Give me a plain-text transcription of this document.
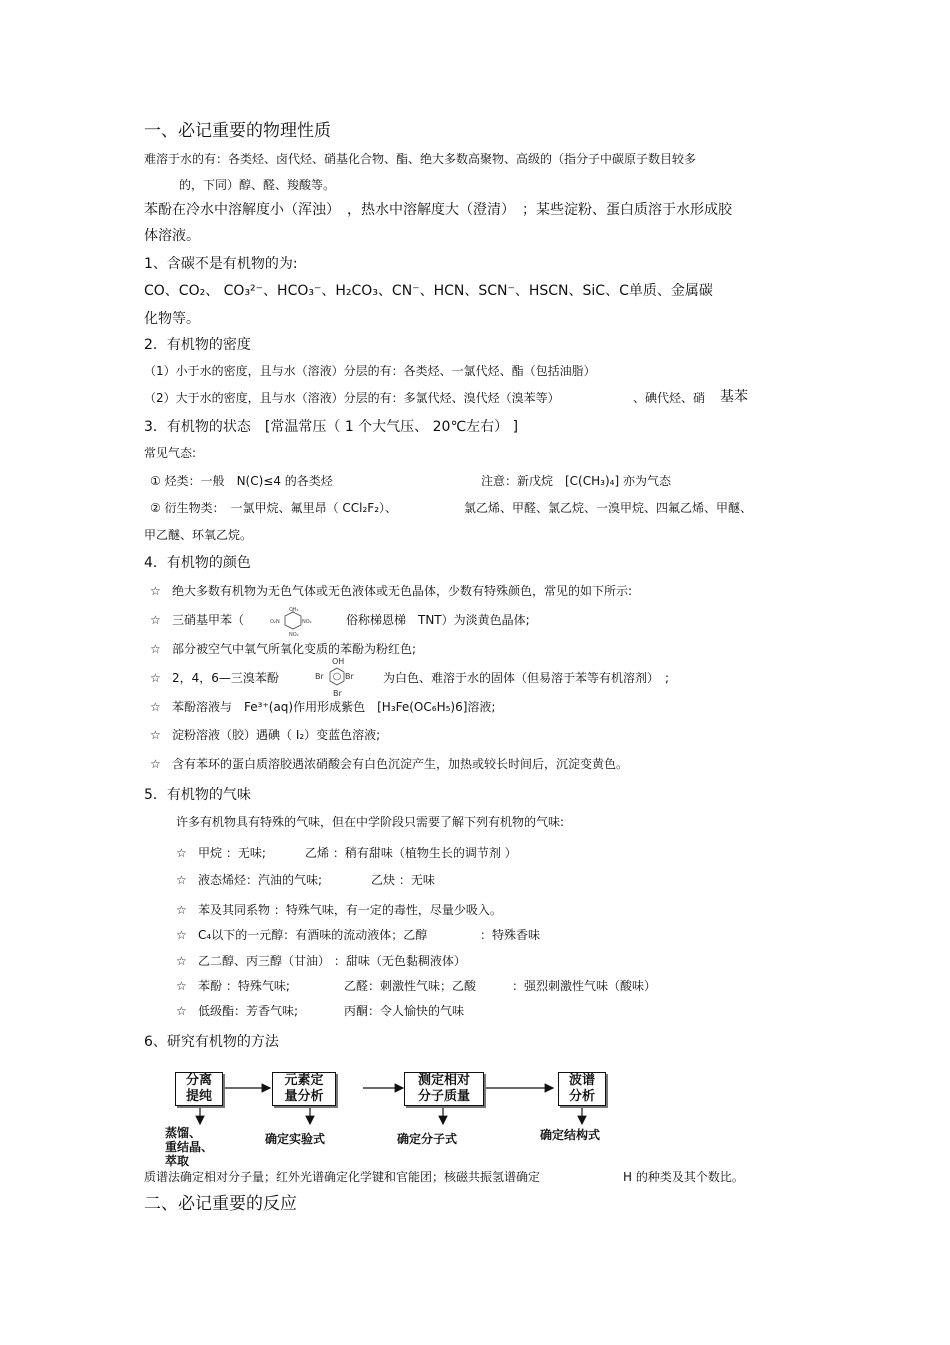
一、必记重要的物理性质
难溶于水的有：各类烃、卤代烃、硝基化合物、酯、绝大多数高聚物、高级的（指分子中碳原子数目较多
的，下同）醇、醛、羧酸等。
苯酚在冷水中溶解度小（浑浊）　，热水中溶解度大（澄清）　；某些淀粉、蛋白质溶于水形成胶
体溶液。
1、含碳不是有机物的为:
CO、CO₂、 CO₃²⁻、HCO₃⁻、H₂CO₃、CN⁻、HCN、SCN⁻、HSCN、SiC、C单质、金属碳
化物等。
2．有机物的密度
（1）小于水的密度，且与水（溶液）分层的有：各类烃、一氯代烃、酯（包括油脂）
（2）大于水的密度，且与水（溶液）分层的有：多氯代烃、溴代烃（溴苯等）	、碘代烃、硝 基苯
3．有机物的状态　[常温常压（ 1 个大气压、 20℃左右） ]
常见气态:
① 烃类：一般　N(C)≤4 的各类烃	注意：新戊烷　[C(CH₃)₄] 亦为气态
② 衍生物类：　一氯甲烷、氟里昂（ CCl₂F₂）、	氯乙烯、甲醛、氯乙烷、一溴甲烷、四氟乙烯、甲醚、
甲乙醚、环氧乙烷。
4．有机物的颜色
☆ 绝大多数有机物为无色气体或无色液体或无色晶体，少数有特殊颜色，常见的如下所示:
☆ 三硝基甲苯（
CH₃
O₂N	NO₂
NO₂
俗称梯恩梯　TNT）为淡黄色晶体;
☆ 部分被空气中氧气所氧化变质的苯酚为粉红色;
☆ 2，4，6—三溴苯酚
OH
Br	Br
Br
为白色、难溶于水的固体（但易溶于苯等有机溶剂）　;
☆ 苯酚溶液与　Fe³⁺(aq)作用形成紫色　[H₃Fe(OC₆H₅)6]溶液;
☆ 淀粉溶液（胶）遇碘（ I₂）变蓝色溶液;
☆ 含有苯环的蛋白质溶胶遇浓硝酸会有白色沉淀产生，加热或较长时间后，沉淀变黄色。
5．有机物的气味
许多有机物具有特殊的气味，但在中学阶段只需要了解下列有机物的气味:
☆ 甲烷 ：无味;	乙烯 ：稍有甜味（植物生长的调节剂 ）
☆ 液态烯烃：汽油的气味;	乙炔 ：无味
☆ 苯及其同系物 ：特殊气味，有一定的毒性，尽量少吸入。
☆ C₄以下的一元醇：有酒味的流动液体；乙醇	：特殊香味
☆ 乙二醇、丙三醇（甘油） ：甜味（无色黏稠液体）
☆ 苯酚 ：特殊气味;	乙醛：刺激性气味；乙酸	：强烈刺激性气味（酸味）
☆ 低级酯：芳香气味;	丙酮：令人愉快的气味
6、研究有机物的方法
分离
提纯
元素定
量分析
测定相对
分子质量
波谱
分析
蒸馏、
重结晶、
萃取
确定实验式	确定分子式	确定结构式
质谱法确定相对分子量；红外光谱确定化学键和官能团；核磁共振氢谱确定	H 的种类及其个数比。
二、必记重要的反应
